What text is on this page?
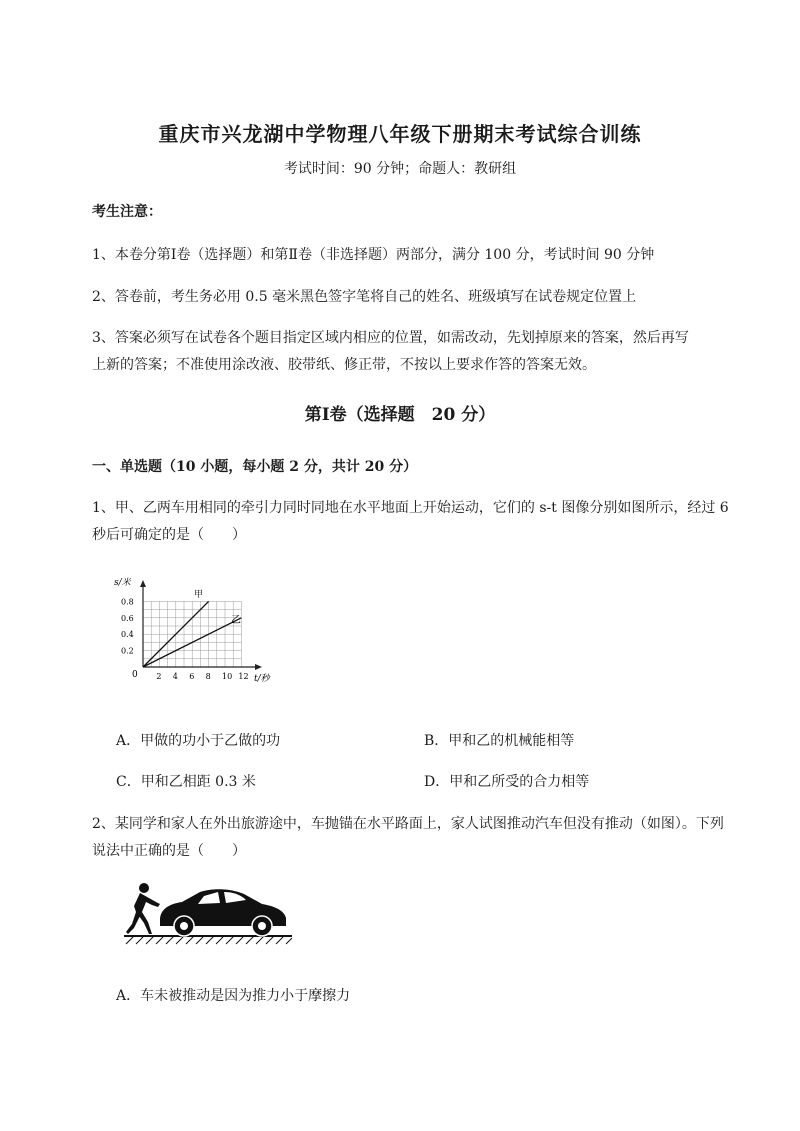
重庆市兴龙湖中学物理八年级下册期末考试综合训练
考试时间：90 分钟；命题人：教研组
考生注意：
1、本卷分第Ⅰ卷（选择题）和第Ⅱ卷（非选择题）两部分，满分 100 分，考试时间 90 分钟
2、答卷前，考生务必用 0.5 毫米黑色签字笔将自己的姓名、班级填写在试卷规定位置上
3、答案必须写在试卷各个题目指定区域内相应的位置，如需改动，先划掉原来的答案，然后再写上新的答案；不准使用涂改液、胶带纸、修正带，不按以上要求作答的答案无效。
第Ⅰ卷（选择题　20 分）
一、单选题（10 小题，每小题 2 分，共计 20 分）
1、甲、乙两车用相同的牵引力同时同地在水平地面上开始运动，它们的 s-t 图像分别如图所示，经过 6 秒后可确定的是（　　）
0.8
0.6
0.4
0.2
2 4 6 8 10 12
s/米
t/秒
0
甲
乙
A．甲做的功小于乙做的功	B．甲和乙的机械能相等
C．甲和乙相距 0.3 米	D．甲和乙所受的合力相等
2、某同学和家人在外出旅游途中，车抛锚在水平路面上，家人试图推动汽车但没有推动（如图）。下列说法中正确的是（　　）
A．车未被推动是因为推力小于摩擦力
